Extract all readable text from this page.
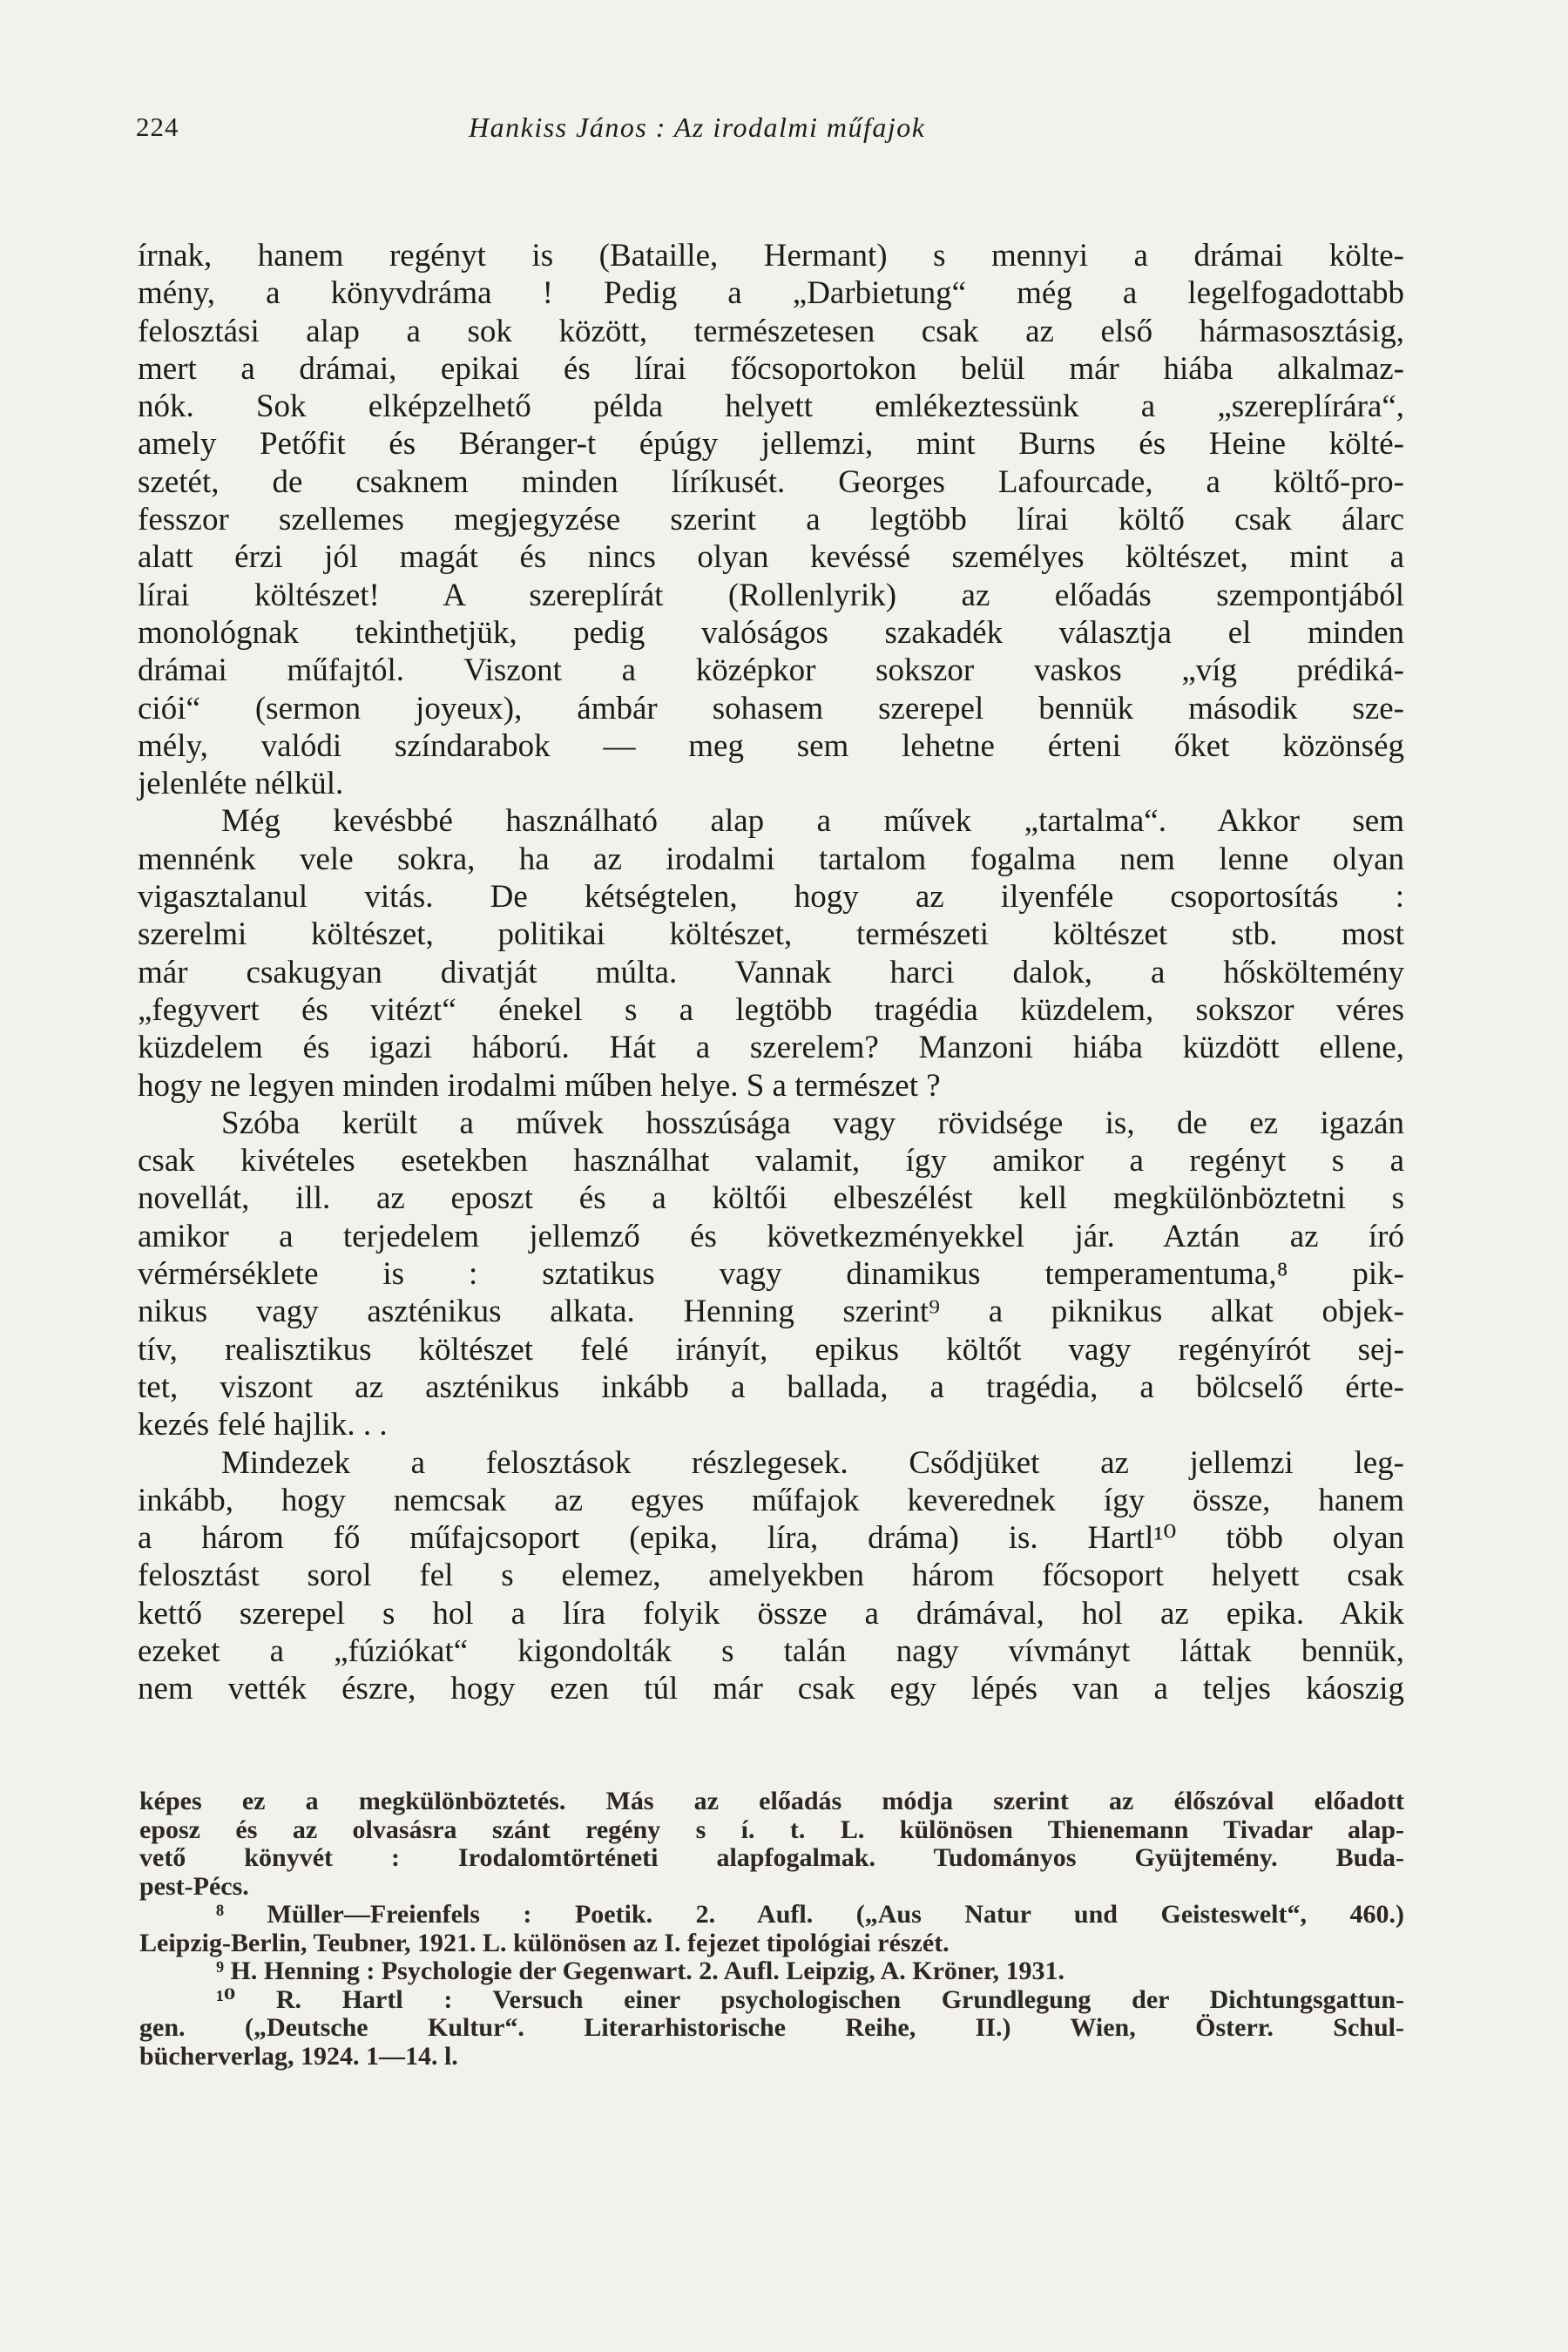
224	Hankiss János : Az irodalmi műfajok
írnak, hanem regényt is (Bataille, Hermant) s mennyi a drámai költe-
mény, a könyvdráma ! Pedig a „Darbietung“ még a legelfogadottabb
felosztási alap a sok között, természetesen csak az első hármasosztásig,
mert a drámai, epikai és lírai főcsoportokon belül már hiába alkalmaz-
nók. Sok elképzelhető példa helyett emlékeztessünk a „szereplírára“,
amely Petőfit és Béranger-t épúgy jellemzi, mint Burns és Heine költé-
szetét, de csaknem minden líríkusét. Georges Lafourcade, a költő-pro-
fesszor szellemes megjegyzése szerint a legtöbb lírai költő csak álarc
alatt érzi jól magát és nincs olyan kevéssé személyes költészet, mint a
lírai költészet! A szereplírát (Rollenlyrik) az előadás szempontjából
monológnak tekinthetjük, pedig valóságos szakadék választja el minden
drámai műfajtól. Viszont a középkor sokszor vaskos „víg prédiká-
ciói“ (sermon joyeux), ámbár sohasem szerepel bennük második sze-
mély, valódi színdarabok — meg sem lehetne érteni őket közönség
jelenléte nélkül.
Még kevésbbé használható alap a művek „tartalma“. Akkor sem
mennénk vele sokra, ha az irodalmi tartalom fogalma nem lenne olyan
vigasztalanul vitás. De kétségtelen, hogy az ilyenféle csoportosítás :
szerelmi költészet, politikai költészet, természeti költészet stb. most
már csakugyan divatját múlta. Vannak harci dalok, a hősköltemény
„fegyvert és vitézt“ énekel s a legtöbb tragédia küzdelem, sokszor véres
küzdelem és igazi háború. Hát a szerelem? Manzoni hiába küzdött ellene,
hogy ne legyen minden irodalmi műben helye. S a természet ?
Szóba került a művek hosszúsága vagy rövidsége is, de ez igazán
csak kivételes esetekben használhat valamit, így amikor a regényt s a
novellát, ill. az eposzt és a költői elbeszélést kell megkülönböztetni s
amikor a terjedelem jellemző és következményekkel jár. Aztán az író
vérmérséklete is : sztatikus vagy dinamikus temperamentuma,⁸ pik-
nikus vagy aszténikus alkata. Henning szerint⁹ a piknikus alkat objek-
tív, realisztikus költészet felé irányít, epikus költőt vagy regényírót sej-
tet, viszont az aszténikus inkább a ballada, a tragédia, a bölcselő érte-
kezés felé hajlik. . .
Mindezek a felosztások részlegesek. Csődjüket az jellemzi leg-
inkább, hogy nemcsak az egyes műfajok keverednek így össze, hanem
a három fő műfajcsoport (epika, líra, dráma) is. Hartl¹⁰ több olyan
felosztást sorol fel s elemez, amelyekben három főcsoport helyett csak
kettő szerepel s hol a líra folyik össze a drámával, hol az epika. Akik
ezeket a „fúziókat“ kigondolták s talán nagy vívmányt láttak bennük,
nem vették észre, hogy ezen túl már csak egy lépés van a teljes káoszig
képes ez a megkülönböztetés. Más az előadás módja szerint az élőszóval előadott
eposz és az olvasásra szánt regény s í. t. L. különösen Thienemann Tivadar alap-
vető könyvét : Irodalomtörténeti alapfogalmak. Tudományos Gyüjtemény. Buda-
pest-Pécs.
⁸ Müller—Freienfels : Poetik. 2. Aufl. („Aus Natur und Geisteswelt“, 460.)
Leipzig-Berlin, Teubner, 1921. L. különösen az I. fejezet tipológiai részét.
⁹ H. Henning : Psychologie der Gegenwart. 2. Aufl. Leipzig, A. Kröner, 1931.
¹⁰ R. Hartl : Versuch einer psychologischen Grundlegung der Dichtungsgattun-
gen. („Deutsche Kultur“. Literarhistorische Reihe, II.) Wien, Österr. Schul-
bücherverlag, 1924. 1—14. l.
